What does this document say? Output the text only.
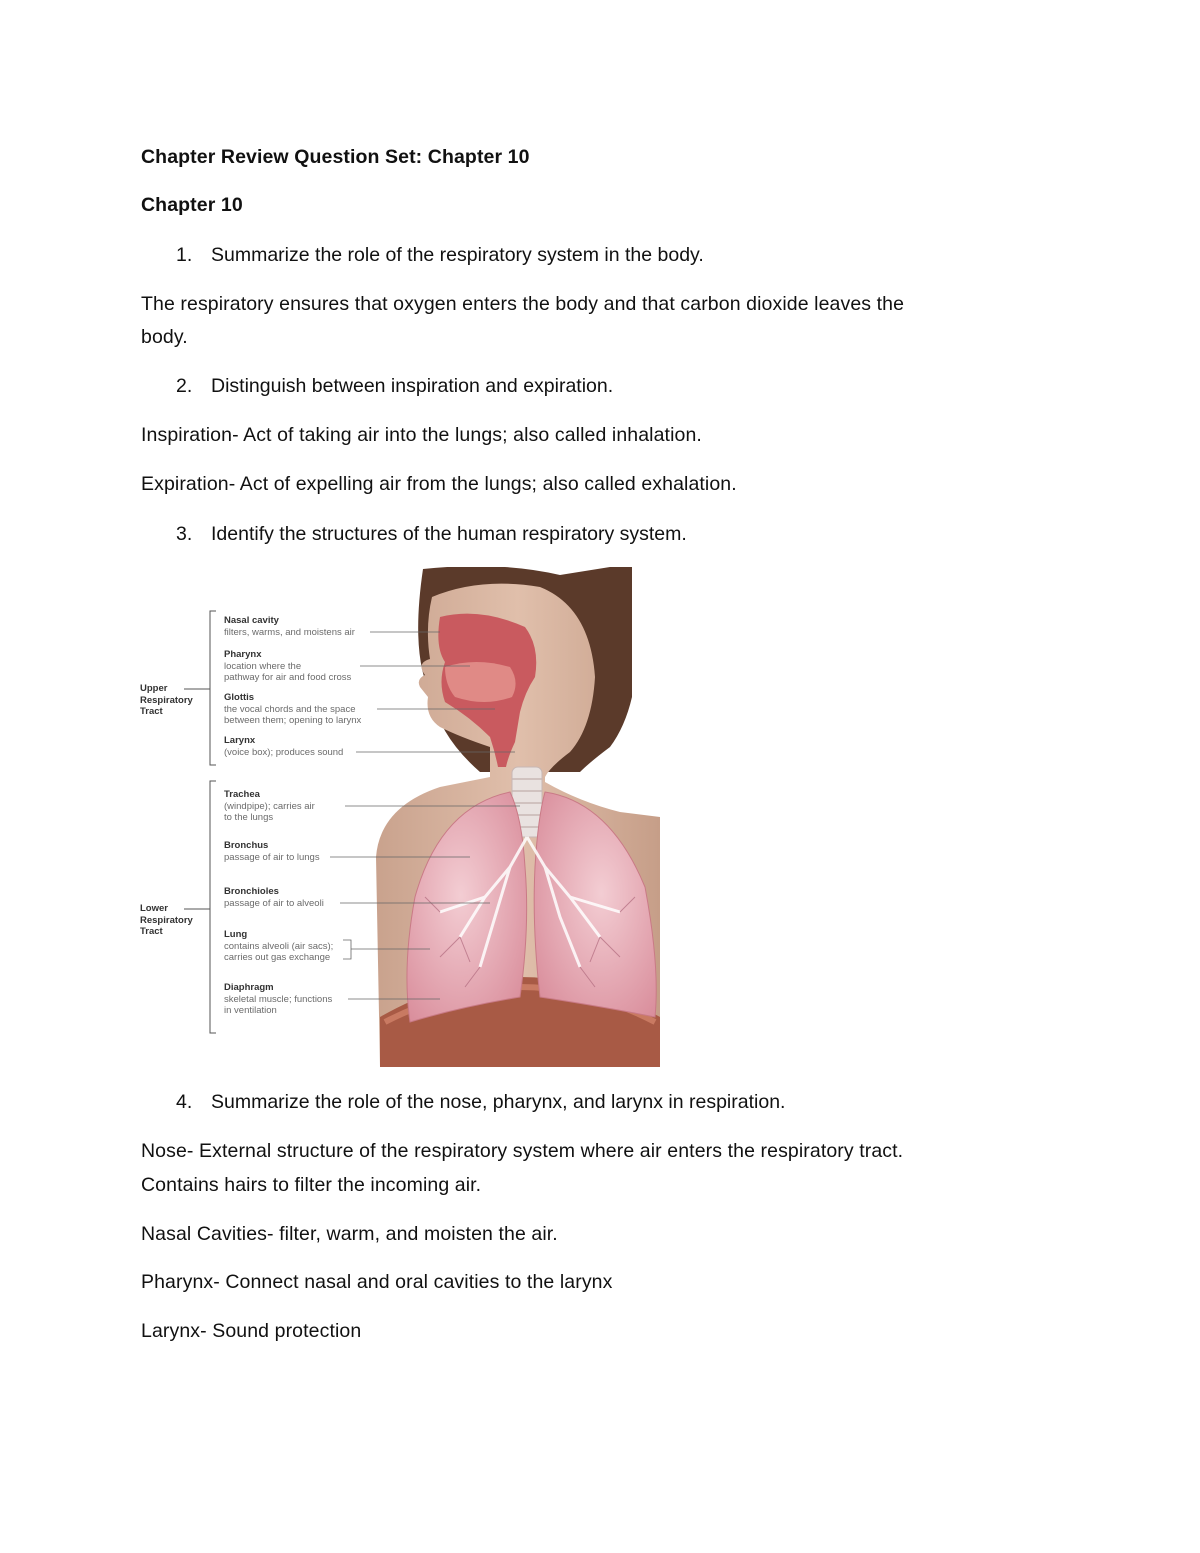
Chapter Review Question Set: Chapter 10
Chapter 10
1. Summarize the role of the respiratory system in the body.
The respiratory ensures that oxygen enters the body and that carbon dioxide leaves the
body.
2. Distinguish between inspiration and expiration.
Inspiration- Act of taking air into the lungs; also called inhalation.
Expiration- Act of expelling air from the lungs; also called exhalation.
3. Identify the structures of the human respiratory system.
Upper
Respiratory
Tract
Lower
Respiratory
Tract
Nasal cavity
filters, warms, and moistens air
Pharynx
location where the
pathway for air and food cross
Glottis
the vocal chords and the space
between them; opening to larynx
Larynx
(voice box); produces sound
Trachea
(windpipe); carries air
to the lungs
Bronchus
passage of air to lungs
Bronchioles
passage of air to alveoli
Lung
contains alveoli (air sacs);
carries out gas exchange
Diaphragm
skeletal muscle; functions
in ventilation
4. Summarize the role of the nose, pharynx, and larynx in respiration.
Nose- External structure of the respiratory system where air enters the respiratory tract.
Contains hairs to filter the incoming air.
Nasal Cavities- filter, warm, and moisten the air.
Pharynx- Connect nasal and oral cavities to the larynx
Larynx- Sound protection
